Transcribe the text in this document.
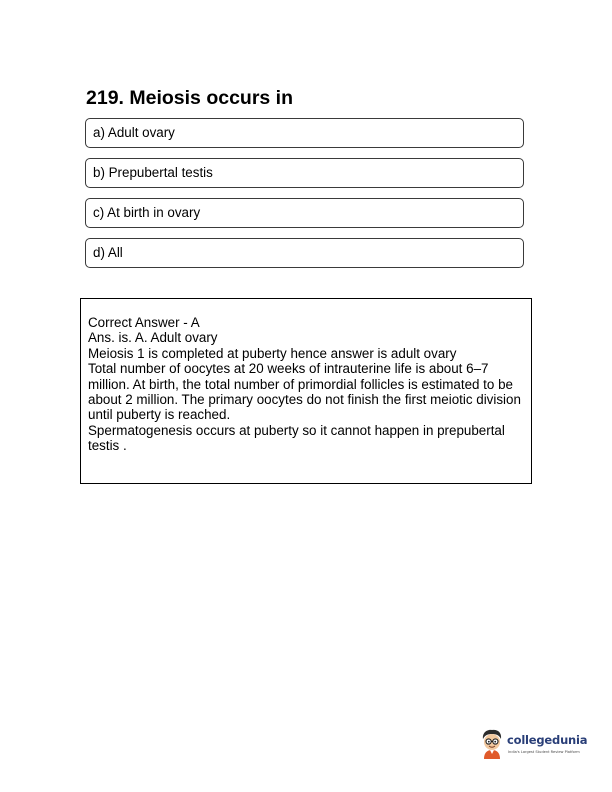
219. Meiosis occurs in
a) Adult ovary
b) Prepubertal testis
c) At birth in ovary
d) All

Correct Answer - A

Ans. is. A. Adult ovary

Meiosis 1 is completed at puberty hence answer is adult ovary

Total number of oocytes at 20 weeks of intrauterine life is about 6–7 million. At birth, the total number of primordial follicles is estimated to be about 2 million. The primary oocytes do not finish the first meiotic division until puberty is reached.

Spermatogenesis occurs at puberty so it cannot happen in prepubertal testis .

collegedunia
India's Largest Student Review Platform
